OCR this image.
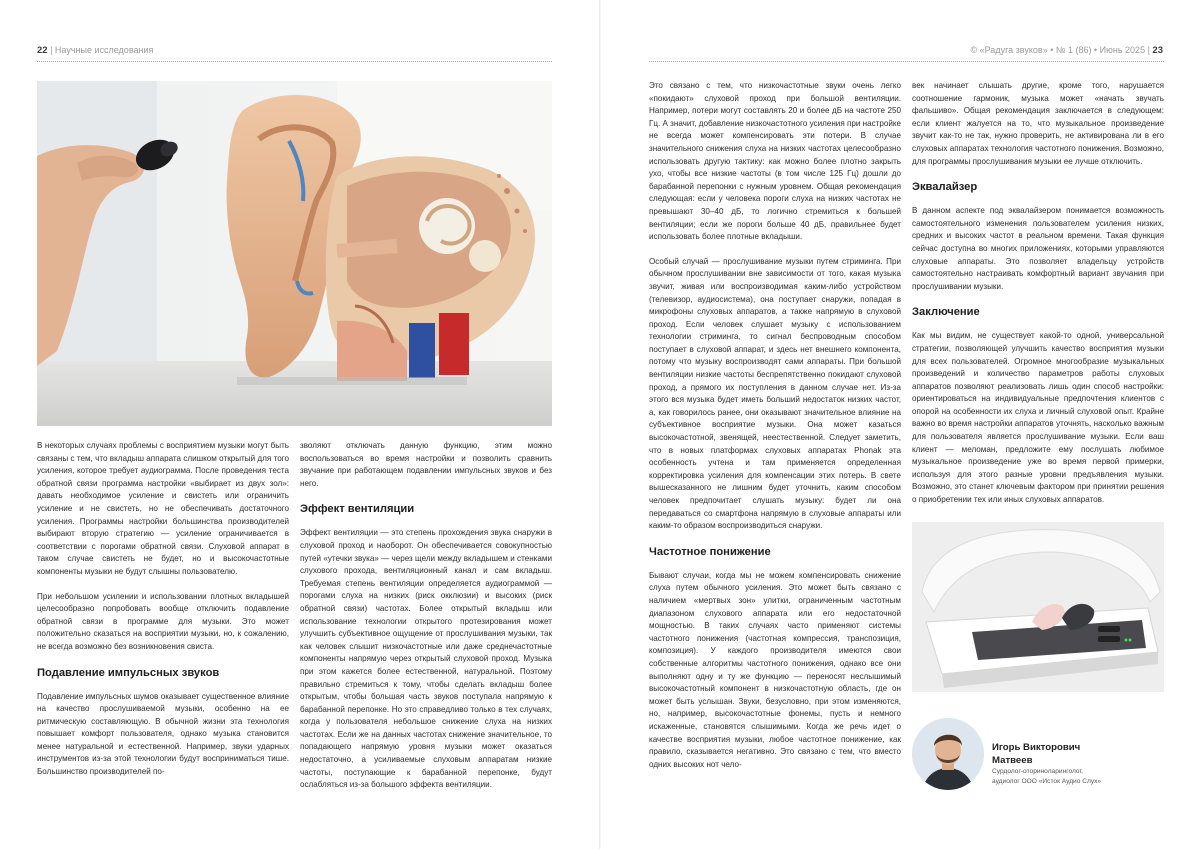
22 | Научные исследования	© «Радуга звуков» • № 1 (86) • Июнь 2025 | 23

В некоторых случаях проблемы с восприятием музыки могут быть связаны с тем, что вкладыш аппарата слишком открытый для того усиления, которое требует аудиограмма. После проведения теста обратной связи программа настройки «выбирает из двух зол»: давать необходимое усиление и свистеть или ограничить усиление и не свистеть, но не обеспечивать достаточного усиления. Программы настройки большинства производителей выбирают вторую стратегию — усиление ограничивается в соответствии с порогами обратной связи. Слуховой аппарат в таком случае свистеть не будет, но и высокочастотные компоненты музыки не будут слышны пользователю.

При небольшом усилении и использовании плотных вкладышей целесообразно попробовать вообще отключить подавление обратной связи в программе для музыки. Это может положительно сказаться на восприятии музыки, но, к сожалению, не всегда возможно без возникновения свиста.

Подавление импульсных звуков

Подавление импульсных шумов оказывает существенное влияние на качество прослушиваемой музыки, особенно на ее ритмическую составляющую. В обычной жизни эта технология повышает комфорт пользователя, однако музыка становится менее натуральной и естественной. Например, звуки ударных инструментов из-за этой технологии будут восприниматься тише. Большинство производителей по-

зволяют отключать данную функцию, этим можно воспользоваться во время настройки и позволить сравнить звучание при работающем подавлении импульсных звуков и без него.

Эффект вентиляции

Эффект вентиляции — это степень прохождения звука снаружи в слуховой проход и наоборот. Он обеспечивается совокупностью путей «утечки звука» — через щели между вкладышем и стенками слухового прохода, вентиляционный канал и сам вкладыш. Требуемая степень вентиляции определяется аудиограммой — порогами слуха на низких (риск окклюзии) и высоких (риск обратной связи) частотах. Более открытый вкладыш или использование технологии открытого протезирования может улучшить субъективное ощущение от прослушивания музыки, так как человек слышит низкочастотные или даже среднечастотные компоненты напрямую через открытый слуховой проход. Музыка при этом кажется более естественной, натуральной. Поэтому правильно стремиться к тому, чтобы сделать вкладыш более открытым, чтобы большая часть звуков поступала напрямую к барабанной перепонке. Но это справедливо только в тех случаях, когда у пользователя небольшое снижение слуха на низких частотах. Если же на данных частотах снижение значительное, то попадающего напрямую уровня музыки может оказаться недостаточно, а усиливаемые слуховым аппаратам низкие частоты, поступающие к барабанной перепонке, будут ослабляться из-за большого эффекта вентиляции.

Это связано с тем, что низкочастотные звуки очень легко «покидают» слуховой проход при большой вентиляции. Например, потери могут составлять 20 и более дБ на частоте 250 Гц. А значит, добавление низкочастотного усиления при настройке не всегда может компенсировать эти потери. В случае значительного снижения слуха на низких частотах целесообразно использовать другую тактику: как можно более плотно закрыть ухо, чтобы все низкие частоты (в том числе 125 Гц) дошли до барабанной перепонки с нужным уровнем. Общая рекомендация следующая: если у человека пороги слуха на низких частотах не превышают 30–40 дБ, то логично стремиться к большей вентиляции; если же пороги больше 40 дБ, правильнее будет использовать более плотные вкладыши.

Особый случай — прослушивание музыки путем стриминга. При обычном прослушивании вне зависимости от того, какая музыка звучит, живая или воспроизводимая каким-либо устройством (телевизор, аудиосистема), она поступает снаружи, попадая в микрофоны слуховых аппаратов, а также напрямую в слуховой проход. Если человек слушает музыку с использованием технологии стриминга, то сигнал беспроводным способом поступает в слуховой аппарат, и здесь нет внешнего компонента, потому что музыку воспроизводят сами аппараты. При большой вентиляции низкие частоты беспрепятственно покидают слуховой проход, а прямого их поступления в данном случае нет. Из-за этого вся музыка будет иметь больший недостаток низких частот, а, как говорилось ранее, они оказывают значительное влияние на субъективное восприятие музыки. Она может казаться высокочастотной, звенящей, неестественной. Следует заметить, что в новых платформах слуховых аппаратах Phonak эта особенность учтена и там применяется определенная корректировка усиления для компенсации этих потерь. В свете вышесказанного не лишним будет уточнить, каким способом человек предпочитает слушать музыку: будет ли она передаваться со смартфона напрямую в слуховые аппараты или каким-то образом воспроизводиться снаружи.

Частотное понижение

Бывают случаи, когда мы не можем компенсировать снижение слуха путем обычного усиления. Это может быть связано с наличием «мертвых зон» улитки, ограниченным частотным диапазоном слухового аппарата или его недостаточной мощностью. В таких случаях часто применяют системы частотного понижения (частотная компрессия, транспозиция, композиция). У каждого производителя имеются свои собственные алгоритмы частотного понижения, однако все они выполняют одну и ту же функцию — переносят неслышимый высокочастотный компонент в низкочастотную область, где он может быть услышан. Звуки, безусловно, при этом изменяются, но, например, высокочастотные фонемы, пусть и немного искаженные, становятся слышимыми. Когда же речь идет о качестве восприятия музыки, любое частотное понижение, как правило, сказывается негативно. Это связано с тем, что вместо одних высоких нот чело-

век начинает слышать другие, кроме того, нарушается соотношение гармоник, музыка может «начать звучать фальшиво». Общая рекомендация заключается в следующем: если клиент жалуется на то, что музыкальное произведение звучит как-то не так, нужно проверить, не активирована ли в его слуховых аппаратах технология частотного понижения. Возможно, для программы прослушивания музыки ее лучше отключить.

Эквалайзер

В данном аспекте под эквалайзером понимается возможность самостоятельного изменения пользователем усиления низких, средних и высоких частот в реальном времени. Такая функция сейчас доступна во многих приложениях, которыми управляются слуховые аппараты. Это позволяет владельцу устройств самостоятельно настраивать комфортный вариант звучания при прослушивании музыки.

Заключение

Как мы видим, не существует какой-то одной, универсальной стратегии, позволяющей улучшить качество восприятия музыки для всех пользователей. Огромное многообразие музыкальных произведений и количество параметров работы слуховых аппаратов позволяют реализовать лишь один способ настройки: ориентироваться на индивидуальные предпочтения клиентов с опорой на особенности их слуха и личный слуховой опыт. Крайне важно во время настройки аппаратов уточнять, насколько важным для пользователя является прослушивание музыки. Если ваш клиент — меломан, предложите ему послушать любимое музыкальное произведение уже во время первой примерки, используя для этого разные уровни предъявления музыки. Возможно, это станет ключевым фактором при принятии решения о приобретении тех или иных слуховых аппаратов.

Игорь Викторович
Матвеев
Сурдолог-оториноларинголог,
аудиолог ООО «Исток Аудио Слух»
